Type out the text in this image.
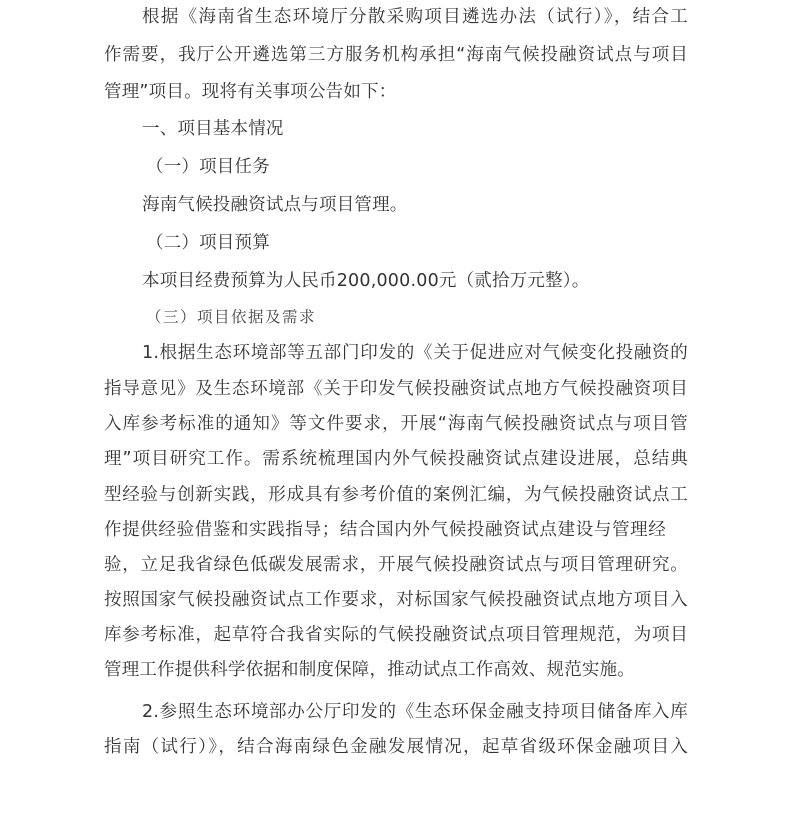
根据《海南省生态环境厅分散采购项目遴选办法（试行）》，结合工
作需要，我厅公开遴选第三方服务机构承担“海南气候投融资试点与项目
管理”项目。现将有关事项公告如下：
一、项目基本情况
（一）项目任务
海南气候投融资试点与项目管理。
（二）项目预算
本项目经费预算为人民币200,000.00元（贰拾万元整）。
（三）项目依据及需求
1.根据生态环境部等五部门印发的《关于促进应对气候变化投融资的
指导意见》及生态环境部《关于印发气候投融资试点地方气候投融资项目
入库参考标准的通知》等文件要求，开展“海南气候投融资试点与项目管
理”项目研究工作。需系统梳理国内外气候投融资试点建设进展，总结典
型经验与创新实践，形成具有参考价值的案例汇编，为气候投融资试点工
作提供经验借鉴和实践指导；结合国内外气候投融资试点建设与管理经
验，立足我省绿色低碳发展需求，开展气候投融资试点与项目管理研究。
按照国家气候投融资试点工作要求，对标国家气候投融资试点地方项目入
库参考标准，起草符合我省实际的气候投融资试点项目管理规范，为项目
管理工作提供科学依据和制度保障，推动试点工作高效、规范实施。
2.参照生态环境部办公厅印发的《生态环保金融支持项目储备库入库
指南（试行）》，结合海南绿色金融发展情况，起草省级环保金融项目入
